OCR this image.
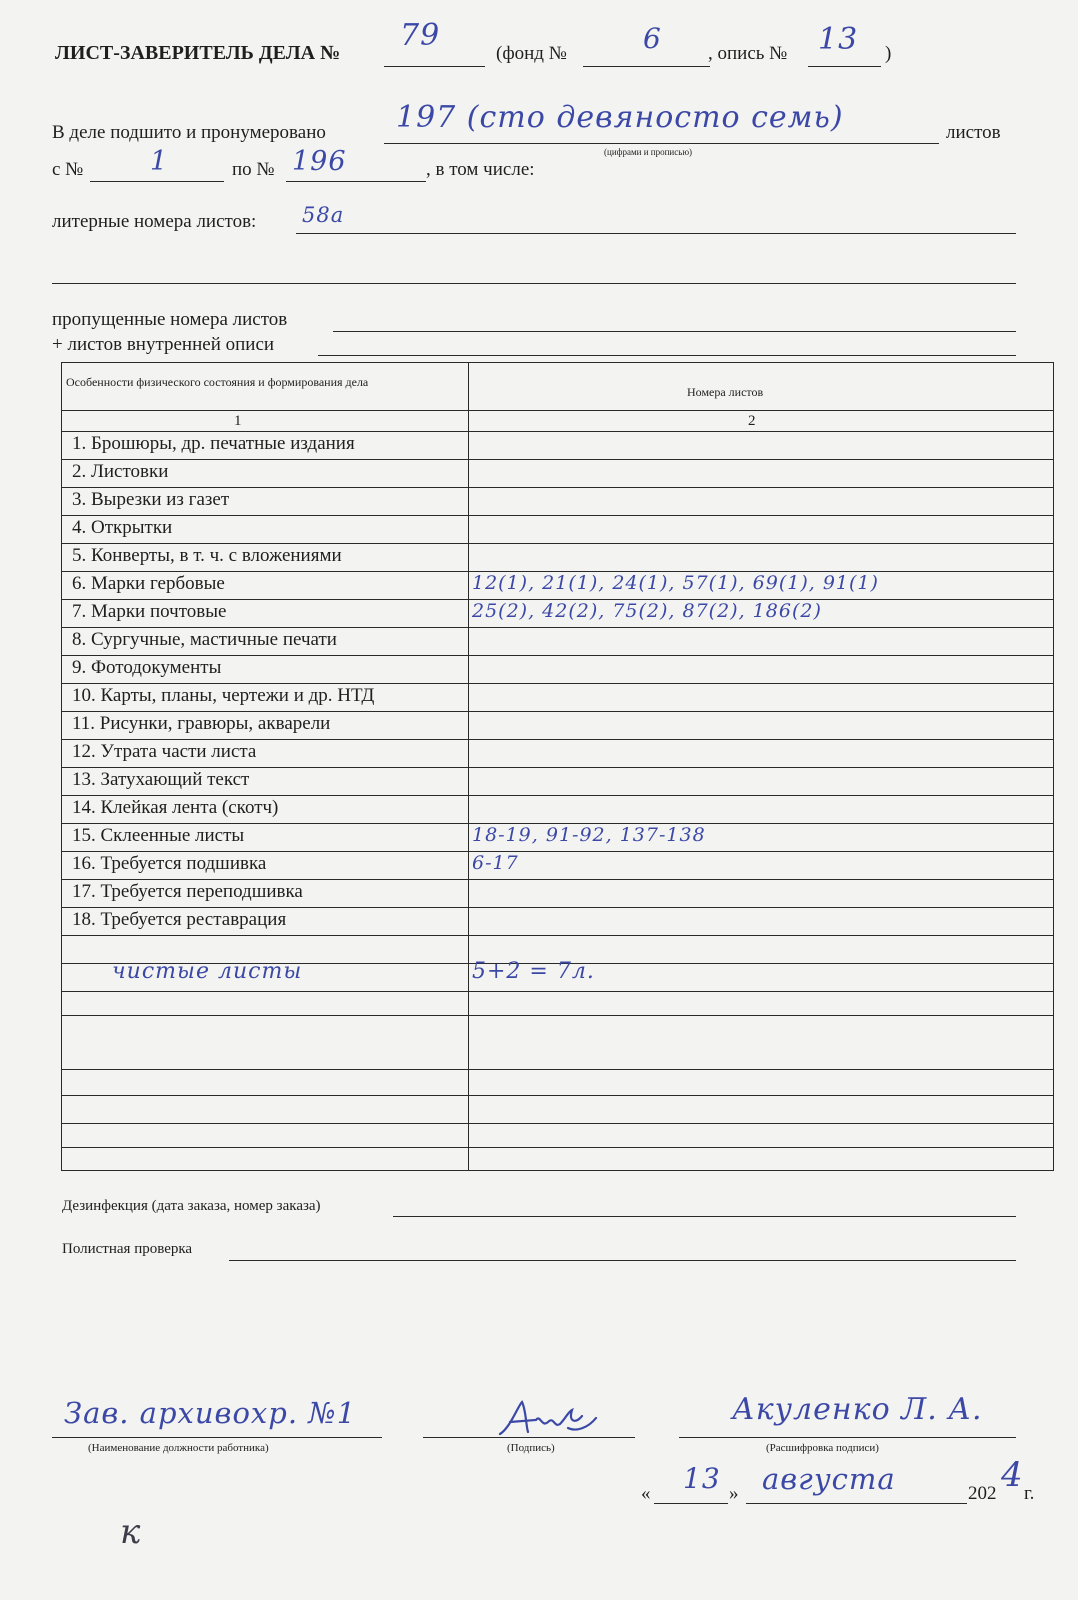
ЛИСТ-ЗАВЕРИТЕЛЬ ДЕЛА № 79
(фонд №	6 , опись № 13 )
В деле подшито и пронумеровано 197 (сто девяносто семь)	листов
(цифрами и прописью)
с № 1	по № 196	, в том числе:
литерные номера листов: 58а
пропущенные номера листов
+ листов внутренней описи
Особенности физического состояния и формирования дела
Номера листов
1	2
1. Брошюры, др. печатные издания
2. Листовки
3. Вырезки из газет
4. Открытки
5. Конверты, в т. ч. с вложениями
6. Марки гербовые	12(1), 21(1), 24(1), 57(1), 69(1), 91(1)
7. Марки почтовые	25(2), 42(2), 75(2), 87(2), 186(2)
8. Сургучные, мастичные печати
9. Фотодокументы
10. Карты, планы, чертежи и др. НТД
11. Рисунки, гравюры, акварели
12. Утрата части листа
13. Затухающий текст
14. Клейкая лента (скотч)
15. Склеенные листы	18-19, 91-92, 137-138
16. Требуется подшивка	6-17
17. Требуется переподшивка
18. Требуется реставрация
чистые листы	5+2 = 7л.
Дезинфекция (дата заказа, номер заказа)
Полистная проверка
Зав. архивохр. №1
(Наименование должности работника)	(Подпись)
Акуленко Л. А.
(Расшифровка подписи)
« 13 » августа	202 4 г.
к
